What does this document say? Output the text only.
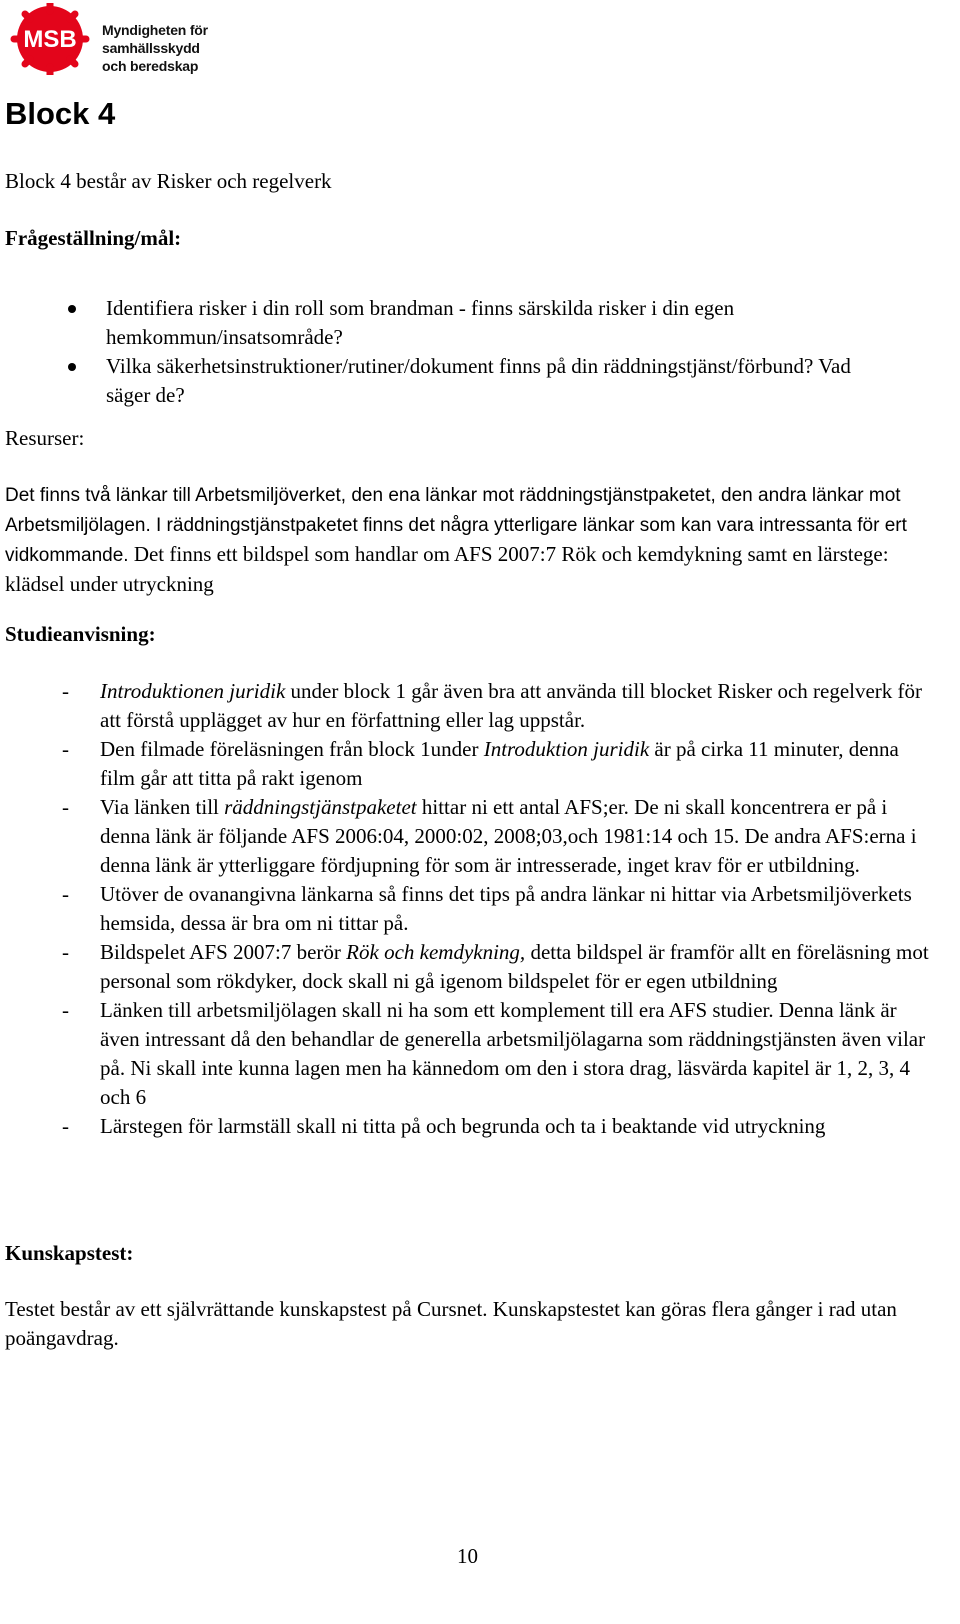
MSB Myndigheten för
samhällsskydd
och beredskap
Block 4

Block 4 består av Risker och regelverk

Frågeställning/mål:

Identifiera risker i din roll som brandman - finns särskilda risker i din egen hemkommun/insatsområde?
Vilka säkerhetsinstruktioner/rutiner/dokument finns på din räddningstjänst/förbund? Vad säger de?

Resurser:

Det finns två länkar till Arbetsmiljöverket, den ena länkar mot räddningstjänstpaketet, den andra länkar mot Arbetsmiljölagen. I räddningstjänstpaketet finns det några ytterligare länkar som kan vara intressanta för ert vidkommande. Det finns ett bildspel som handlar om AFS 2007:7 Rök och kemdykning samt en lärstege: klädsel under utryckning

Studieanvisning:

- Introduktionen juridik under block 1 går även bra att använda till blocket Risker och regelverk för att förstå upplägget av hur en författning eller lag uppstår.
- Den filmade föreläsningen från block 1under Introduktion juridik är på cirka 11 minuter, denna film går att titta på rakt igenom
- Via länken till räddningstjänstpaketet hittar ni ett antal AFS;er. De ni skall koncentrera er på i denna länk är följande AFS 2006:04, 2000:02, 2008;03,och 1981:14 och 15. De andra AFS:erna i denna länk är ytterliggare fördjupning för som är intresserade, inget krav för er utbildning.
- Utöver de ovanangivna länkarna så finns det tips på andra länkar ni hittar via Arbetsmiljöverkets hemsida, dessa är bra om ni tittar på.
- Bildspelet AFS 2007:7 berör Rök och kemdykning, detta bildspel är framför allt en föreläsning mot personal som rökdyker, dock skall ni gå igenom bildspelet för er egen utbildning
- Länken till arbetsmiljölagen skall ni ha som ett komplement till era AFS studier. Denna länk är även intressant då den behandlar de generella arbetsmiljölagarna som räddningstjänsten även vilar på. Ni skall inte kunna lagen men ha kännedom om den i stora drag, läsvärda kapitel är 1, 2, 3, 4 och 6
- Lärstegen för larmställ skall ni titta på och begrunda och ta i beaktande vid utryckning

Kunskapstest:

Testet består av ett självrättande kunskapstest på Cursnet. Kunskapstestet kan göras flera gånger i rad utan poängavdrag.

10
